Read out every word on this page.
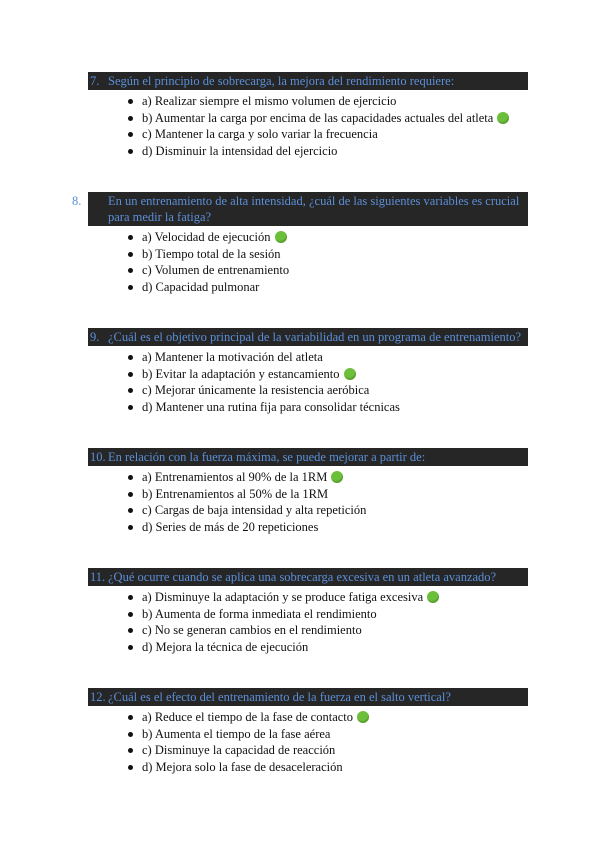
7. Según el principio de sobrecarga, la mejora del rendimiento requiere:
a) Realizar siempre el mismo volumen de ejercicio
b) Aumentar la carga por encima de las capacidades actuales del atleta
c) Mantener la carga y solo variar la frecuencia
d) Disminuir la intensidad del ejercicio
8. En un entrenamiento de alta intensidad, ¿cuál de las siguientes variables es crucial para medir la fatiga?
a) Velocidad de ejecución
b) Tiempo total de la sesión
c) Volumen de entrenamiento
d) Capacidad pulmonar
9. ¿Cuál es el objetivo principal de la variabilidad en un programa de entrenamiento?
a) Mantener la motivación del atleta
b) Evitar la adaptación y estancamiento
c) Mejorar únicamente la resistencia aeróbica
d) Mantener una rutina fija para consolidar técnicas
10. En relación con la fuerza máxima, se puede mejorar a partir de:
a) Entrenamientos al 90% de la 1RM
b) Entrenamientos al 50% de la 1RM
c) Cargas de baja intensidad y alta repetición
d) Series de más de 20 repeticiones
11. ¿Qué ocurre cuando se aplica una sobrecarga excesiva en un atleta avanzado?
a) Disminuye la adaptación y se produce fatiga excesiva
b) Aumenta de forma inmediata el rendimiento
c) No se generan cambios en el rendimiento
d) Mejora la técnica de ejecución
12. ¿Cuál es el efecto del entrenamiento de la fuerza en el salto vertical?
a) Reduce el tiempo de la fase de contacto
b) Aumenta el tiempo de la fase aérea
c) Disminuye la capacidad de reacción
d) Mejora solo la fase de desaceleración
